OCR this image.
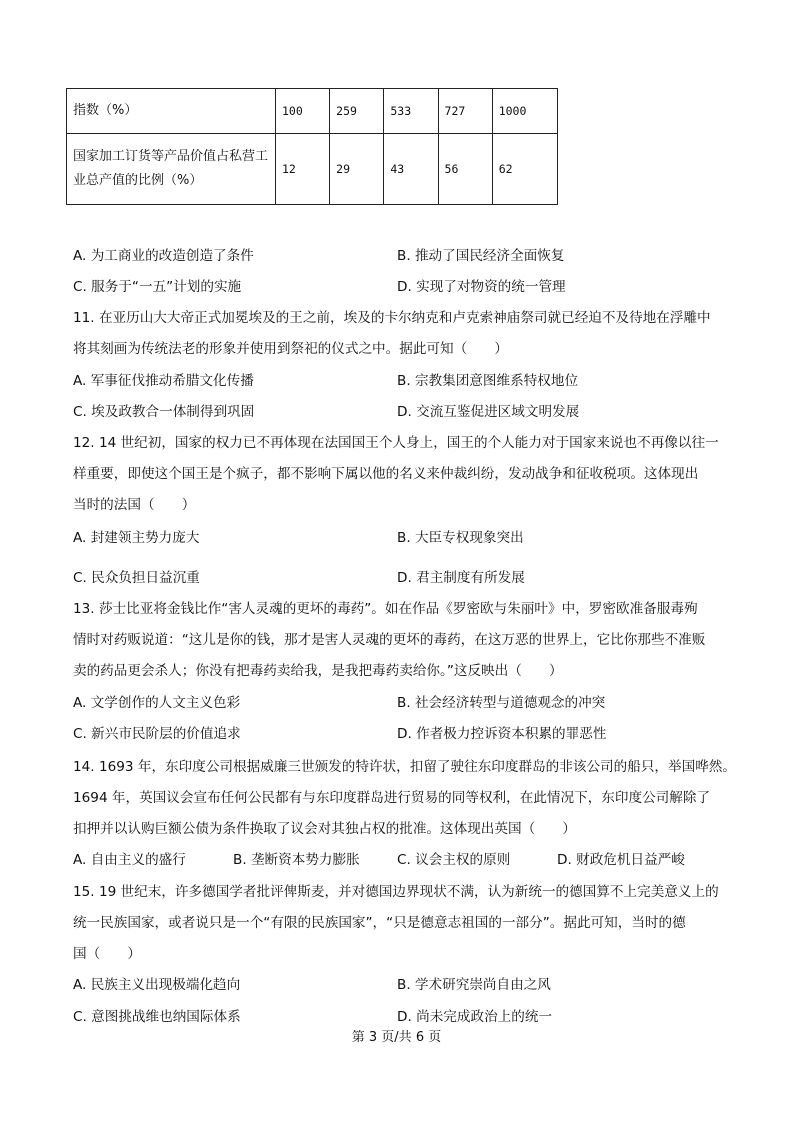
指数（%）	100	259	533	727	1000
国家加工订货等产品价值占私营工业总产值的比例（%）	12	29	43	56	62
A. 为工商业的改造创造了条件	B. 推动了国民经济全面恢复
C. 服务于“一五”计划的实施	D. 实现了对物资的统一管理
11. 在亚历山大大帝正式加冕埃及的王之前，埃及的卡尔纳克和卢克索神庙祭司就已经迫不及待地在浮雕中
将其刻画为传统法老的形象并使用到祭祀的仪式之中。据此可知（　　）
A. 军事征伐推动希腊文化传播	B. 宗教集团意图维系特权地位
C. 埃及政教合一体制得到巩固	D. 交流互鉴促进区域文明发展
12. 14 世纪初，国家的权力已不再体现在法国国王个人身上，国王的个人能力对于国家来说也不再像以往一
样重要，即使这个国王是个疯子，都不影响下属以他的名义来仲裁纠纷，发动战争和征收税项。这体现出
当时的法国（　　）
A. 封建领主势力庞大	B. 大臣专权现象突出
C. 民众负担日益沉重	D. 君主制度有所发展
13. 莎士比亚将金钱比作“害人灵魂的更坏的毒药”。如在作品《罗密欧与朱丽叶》中，罗密欧准备服毒殉
情时对药贩说道：“这儿是你的钱，那才是害人灵魂的更坏的毒药，在这万恶的世界上，它比你那些不准贩
卖的药品更会杀人；你没有把毒药卖给我，是我把毒药卖给你。”这反映出（　　）
A. 文学创作的人文主义色彩	B. 社会经济转型与道德观念的冲突
C. 新兴市民阶层的价值追求	D. 作者极力控诉资本积累的罪恶性
14. 1693 年，东印度公司根据威廉三世颁发的特许状，扣留了驶往东印度群岛的非该公司的船只，举国哗然。
1694 年，英国议会宣布任何公民都有与东印度群岛进行贸易的同等权利，在此情况下，东印度公司解除了
扣押并以认购巨额公债为条件换取了议会对其独占权的批准。这体现出英国（　　）
A. 自由主义的盛行	B. 垄断资本势力膨胀	C. 议会主权的原则	D. 财政危机日益严峻
15. 19 世纪末，许多德国学者批评俾斯麦，并对德国边界现状不满，认为新统一的德国算不上完美意义上的
统一民族国家，或者说只是一个“有限的民族国家”，“只是德意志祖国的一部分”。据此可知，当时的德
国（　　）
A. 民族主义出现极端化趋向	B. 学术研究崇尚自由之风
C. 意图挑战维也纳国际体系	D. 尚未完成政治上的统一
第 3 页/共 6 页
